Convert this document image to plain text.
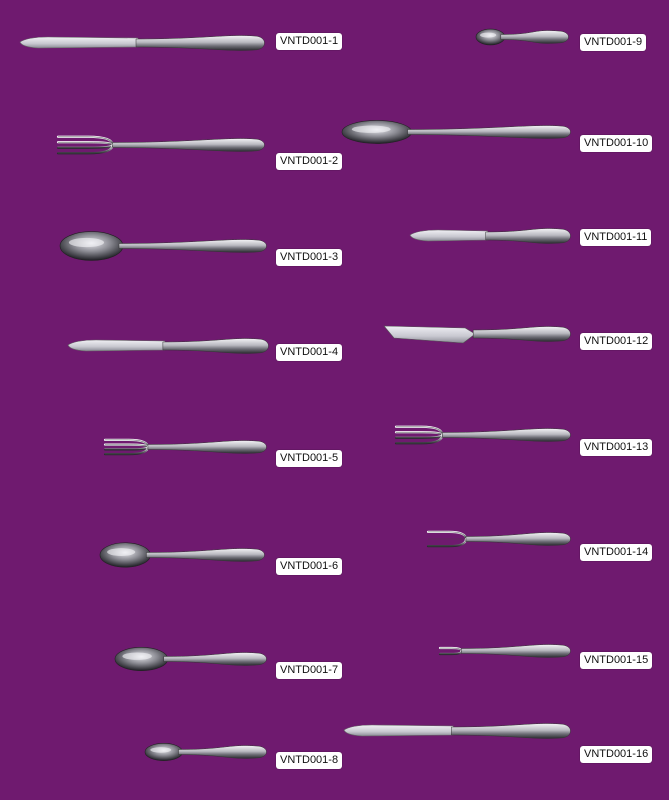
VNTD001-1
VNTD001-2
VNTD001-3
VNTD001-4
VNTD001-5
VNTD001-6
VNTD001-7
VNTD001-8
VNTD001-9
VNTD001-10
VNTD001-11
VNTD001-12
VNTD001-13
VNTD001-14
VNTD001-15
VNTD001-16
